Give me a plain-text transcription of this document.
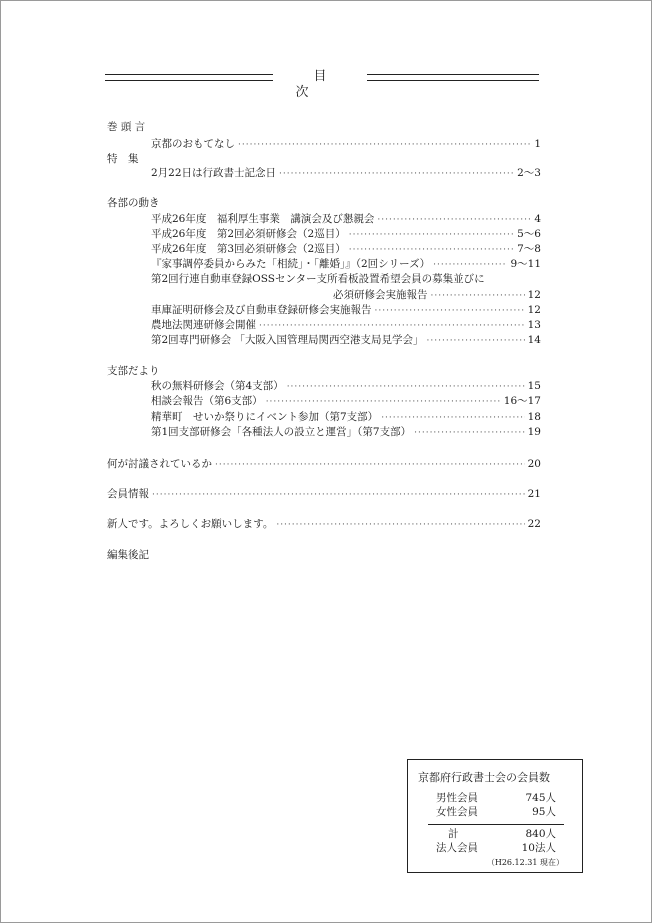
目　次
巻 頭 言
京都のおもてなし ·····	1
特　集
2月22日は行政書士記念日 ·····	2〜3
各部の動き
平成26年度　福利厚生事業　講演会及び懇親会 ·····	4
平成26年度　第2回必須研修会（2巡目） ·····	5〜6
平成26年度　第3回必須研修会（2巡目） ·····	7〜8
『家事調停委員からみた「相続」・「離婚」』（2回シリーズ） ·····	9〜11
第2回行連自動車登録OSSセンター支所看板設置希望会員の募集並びに
必須研修会実施報告 ·····	12
車庫証明研修会及び自動車登録研修会実施報告 ·····	12
農地法関連研修会開催 ·····	13
第2回専門研修会 「大阪入国管理局関西空港支局見学会」 ·····	14
支部だより
秋の無料研修会（第4支部） ·····	15
相談会報告（第6支部） ·····	16〜17
精華町　せいか祭りにイベント参加（第7支部） ·····	18
第1回支部研修会「各種法人の設立と運営」（第7支部） ·····	19
何が討議されているか ·····	20
会員情報 ·····	21
新人です。よろしくお願いします。 ·····	22
編集後記
京都府行政書士会の会員数
男性会員	745人
女性会員	95人
計	840人
法人会員	10法人
（H26.12.31 現在）
